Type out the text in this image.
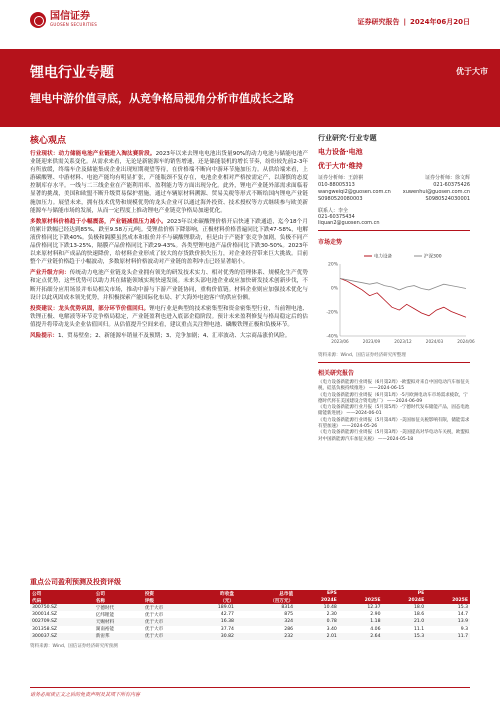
国信证券
GUOSEN SECURITIES	证券研究报告 | 2024年06月20日
锂电行业专题	优于大市
锂电中游价值寻底，从竞争格局视角分析市值成长之路
核心观点

行业现状：动力储能电池产业链进入淘汰赛阶段。2023年以来去锂电电池出货量90%的动力电池与储能电池产业链迎来供需关系变化。从需求来看，无论是新能源车的销售增速，还是储能装机的增长节奏，纷纷较先前2-3年有所放缓，终端车企及储能集成企业出现短期观望等待，在价格端不断向中游环节施加压力。从供给端来看，上游碳酸锂、中游材料、电池产能均有明显扩张，产能瓶颈不复存在，电池企业相对严格按需定产，以谨慎的态度控制库存水平。一线与二三线企业在产能利用率、盈利能力等方面出现分化。此外，锂电产业链外部需求面临着显著的挑战，美国和欧盟不断升级贸易保护措施，通过车辆原材料溯源、贸易关税等形式不断给国内锂电产业链施加压力。展望未来，拥有技术优势和规模优势的龙头企业可以通过海外投资、技术授权等方式继续参与欧美新能源车与储能市场的发展，从而一定程度上推动锂电产业链竞争格局加速优化。

多数原材料价格趋于小幅震荡，产业链减值压力减小。2023年以来碳酸锂价格开启快速下跌通道，迄今18个月的累计跌幅已经达到85%，跌至9.58万元/吨。受锂盐价格下降影响，正极材料价格普遍同比下跌47-58%，电解液价格同比下跌40%。负极和隔膜虽然成本和报价并不与碳酸锂联动，但是由于产能扩张竞争加剧，负极不同产品价格同比下跌13-25%，隔膜产品价格同比下跌29-43%。各类型锂电池产品价格同比下跌30-50%。2023年以来原材料和产成品的快速降价，给材料企业形成了较大的存货跌价损失压力，对企业经营带来巨大挑战。目前整个产业链价格趋于小幅波动，多数原材料价格波动对产业链的盈利冲击已经显著缩小。

产业升级方向：传统动力电池产业链龙头企业拥有领先的研发技术实力、相对优秀的管理体系、规模化生产优势和定点优势，这些优势可以助力其在储能领域实现快速发展。未来头部电池企业或应加快研发技术创新步伐，不断开拓细分应用场景并布局相关市场，推动中游与下游产业链协同，重构价值链。材料企业则应加强技术优化与设计以此巩固成本领先优势，并积极探索产能国际化布局、扩大海外电池客户的供应份额。

投资建议：龙头优势巩固，部分环节价值回归。锂电行业是典型的技术密集型和资金密集型行业，当前锂电池、铁锂正极、电解液等环节竞争格局稳定，产业链盈利也进入底部企稳阶段。预计未来盈利修复与格局稳定后的估值提升将带动龙头企业估值回归。从估值提升空间来看，建议重点关注锂电池、磷酸铁锂正极和负极环节。

风险提示：1、贸易壁垒；2、新能源车销量不及预期；3、竞争加剧；4、汇率波动、大宗商品涨价风险。

行业研究·行业专题
电力设备·电池
优于大市·维持
证券分析师：王蔚祺	证券分析师：徐文辉
010-88005313	021-60375426
wangweiqi2@guosen.com.cn xuwenhui@guosen.com.cn
S0980520080003	S0980524030001
联系人：李全
021-60375434
liquan2@guosen.com.cn
市场走势
20%
0%
-20%
-40%
2023/06	2023/09	2023/12	2024/03	2024/06
电力设备	沪深300
资料来源：Wind、国信证券经济研究所整理
相关研究报告
《电力设备新能源行业周报（6月第2周）-欧盟拟对来自中国电动汽车加征关税，硅基负极持续推进》 ——2024-06-15
《电力设备新能源行业周报（6月第1周）-5月欧洲电动车市场需求疲软，宁德时代将在美国建设合资电池厂》 ——2024-06-09
《电力设备新能源行业月报（5月第5周）-宁德时代发布储能产品，固态电池储能新进展》 ——2024-06-01
《电力设备新能源行业周报（5月第4周）-美国加征关税影响有限，储能需求有望加速》 ——2024-05-26
《电力设备新能源行业周报（5月第3周）-美国提高对华电动车关税，欧盟拟对中国新能源汽车加征关税》 ——2024-05-18
重点公司盈利预测及投资评级
公司	公司	投资	昨收盘	总市值	EPS		PE	
代码	名称	评级	（元）	（百万元）	2024E	2025E	2024E	2025E
300750.SZ	宁德时代	优于大市	189.01	8314	10.48	12.37	18.0	15.3
300014.SZ	亿纬锂能	优于大市	42.77	875	2.30	2.90	18.6	14.7
002709.SZ	天赐材料	优于大市	16.38	324	0.78	1.18	21.0	13.9
301358.SZ	湖南裕能	优于大市	37.74	286	3.40	4.06	11.1	9.3
300037.SZ	新宙邦	优于大市	30.82	232	2.01	2.64	15.3	11.7
资料来源：Wind、国信证券经济研究所预测
请务必阅读正文之后的免责声明及其项下所有内容
